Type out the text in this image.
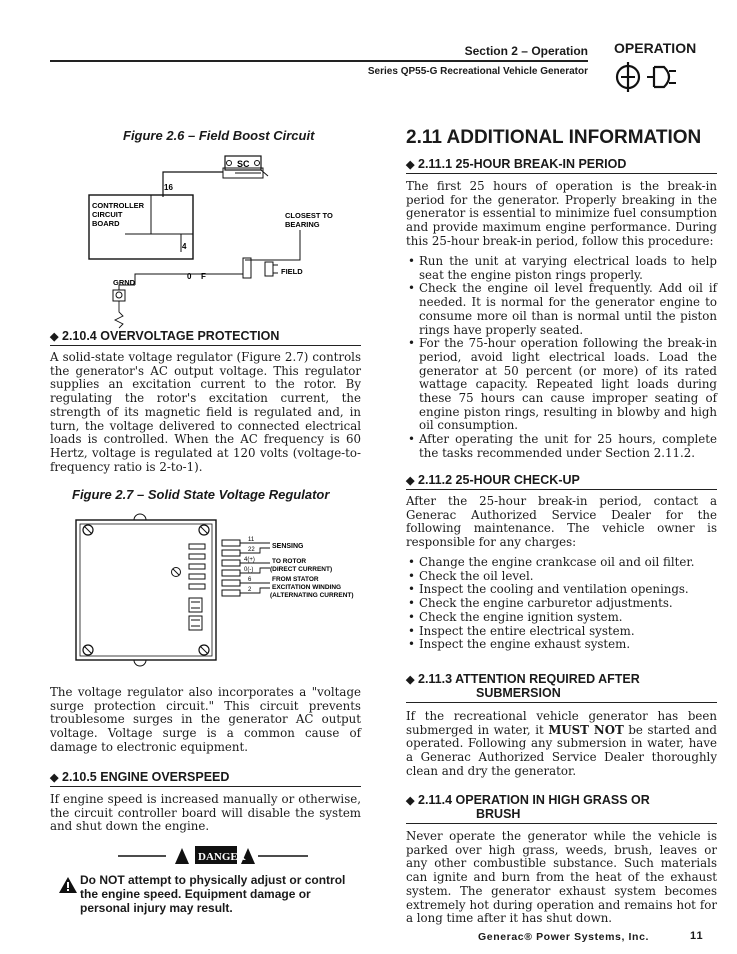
Section 2 – Operation
Series QP55-G Recreational Vehicle Generator
OPERATION
Figure 2.6 – Field Boost Circuit
SC
16
CONTROLLER
CIRCUIT
BOARD
4
CLOSEST TO
BEARING
FIELD
0 F
GRND
◆ 2.10.4 OVERVOLTAGE PROTECTION
A solid-state voltage regulator (Figure 2.7) controls the generator's AC output voltage. This regulator supplies an excitation current to the rotor. By regulating the rotor's excitation current, the strength of its magnetic field is regulated and, in turn, the voltage delivered to connected electrical loads is controlled. When the AC frequency is 60 Hertz, voltage is regulated at 120 volts (voltage-to-frequency ratio is 2-to-1).
Figure 2.7 – Solid State Voltage Regulator
11
22
4(+)
0(-)
6
2
SENSING
TO ROTOR
(DIRECT CURRENT)
FROM STATOR
EXCITATION WINDING
(ALTERNATING CURRENT)
The voltage regulator also incorporates a "voltage surge protection circuit." This circuit prevents troublesome surges in the generator AC output voltage. Voltage surge is a common cause of damage to electronic equipment.
◆ 2.10.5 ENGINE OVERSPEED
If engine speed is increased manually or otherwise, the circuit controller board will disable the system and shut down the engine.
DANGER
Do NOT attempt to physically adjust or control the engine speed. Equipment damage or personal injury may result.
2.11 ADDITIONAL INFORMATION
◆ 2.11.1 25-HOUR BREAK-IN PERIOD
The first 25 hours of operation is the break-in period for the generator. Properly breaking in the generator is essential to minimize fuel consumption and provide maximum engine performance. During this 25-hour break-in period, follow this procedure:
• Run the unit at varying electrical loads to help seat the engine piston rings properly.
• Check the engine oil level frequently. Add oil if needed. It is normal for the generator engine to consume more oil than is normal until the piston rings have properly seated.
• For the 75-hour operation following the break-in period, avoid light electrical loads. Load the generator at 50 percent (or more) of its rated wattage capacity. Repeated light loads during these 75 hours can cause improper seating of engine piston rings, resulting in blowby and high oil consumption.
• After operating the unit for 25 hours, complete the tasks recommended under Section 2.11.2.
◆ 2.11.2 25-HOUR CHECK-UP
After the 25-hour break-in period, contact a Generac Authorized Service Dealer for the following maintenance. The vehicle owner is responsible for any charges:
• Change the engine crankcase oil and oil filter.
• Check the oil level.
• Inspect the cooling and ventilation openings.
• Check the engine carburetor adjustments.
• Check the engine ignition system.
• Inspect the entire electrical system.
• Inspect the engine exhaust system.
◆ 2.11.3 ATTENTION REQUIRED AFTER
SUBMERSION
If the recreational vehicle generator has been submerged in water, it MUST NOT be started and operated. Following any submersion in water, have a Generac Authorized Service Dealer thoroughly clean and dry the generator.
◆ 2.11.4 OPERATION IN HIGH GRASS OR
BRUSH
Never operate the generator while the vehicle is parked over high grass, weeds, brush, leaves or any other combustible substance. Such materials can ignite and burn from the heat of the exhaust system. The generator exhaust system becomes extremely hot during operation and remains hot for a long time after it has shut down.
Generac® Power Systems, Inc.	11
